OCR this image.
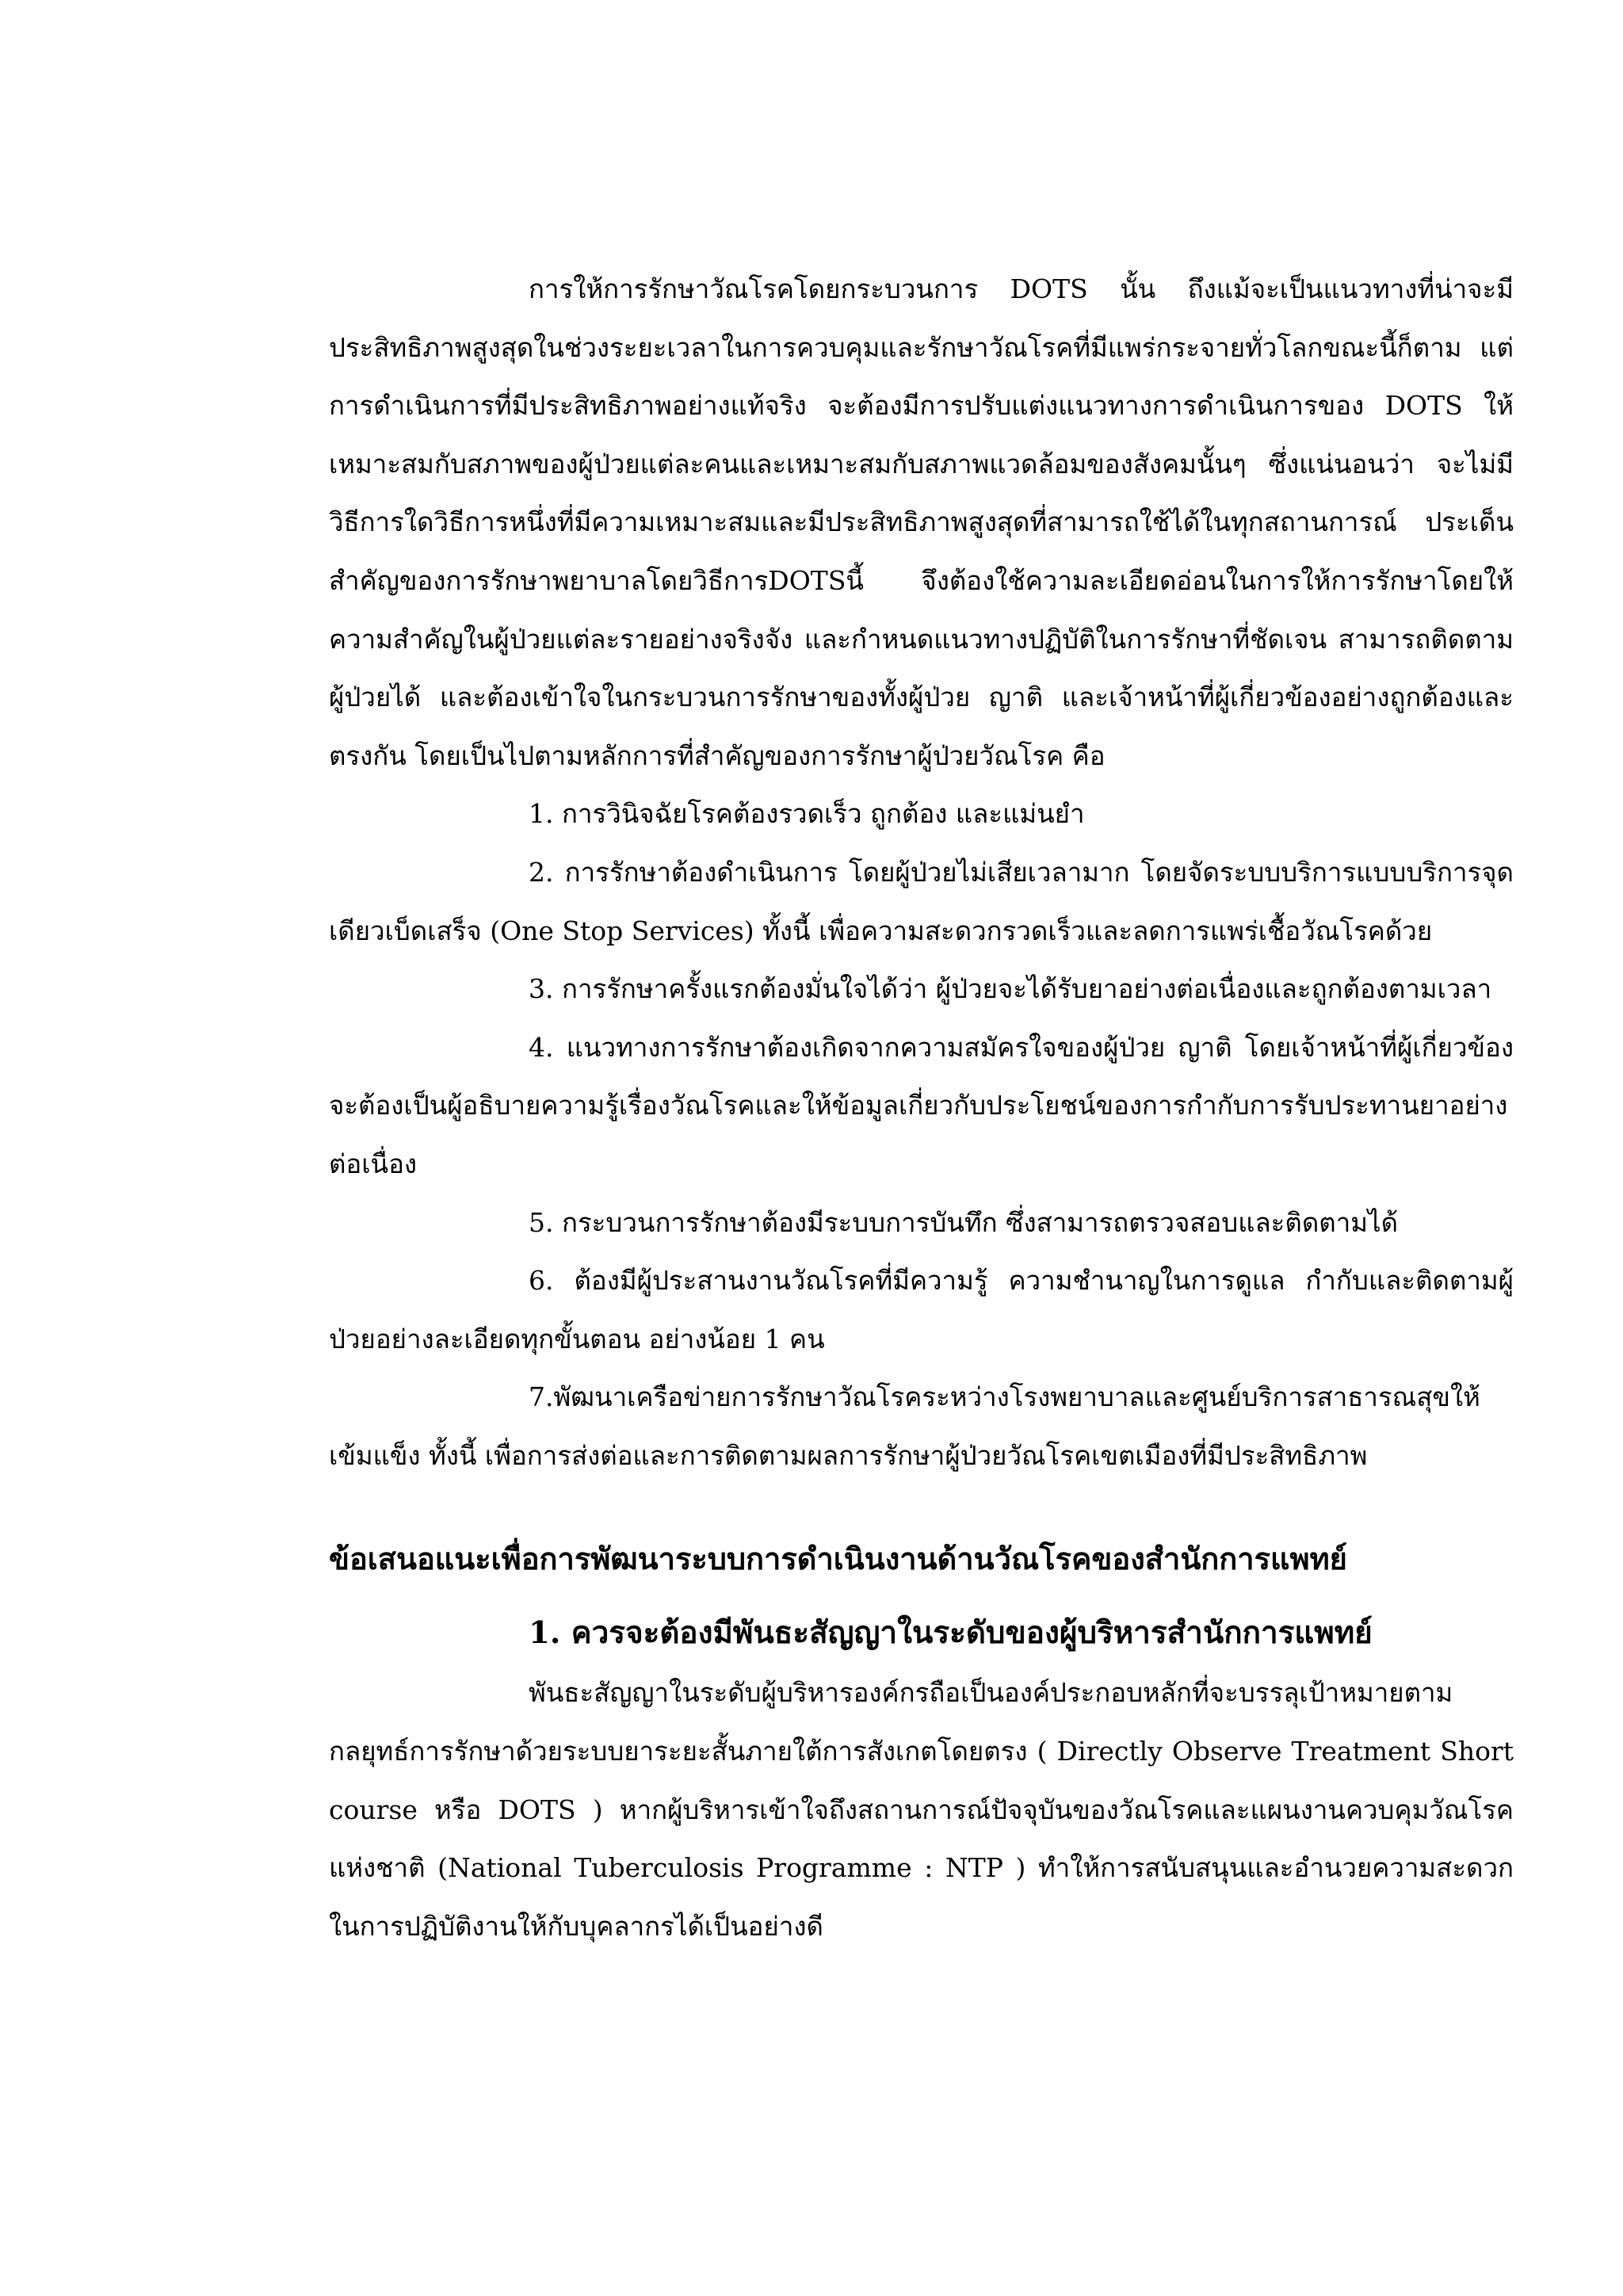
การให้การรักษาวัณโรคโดยกระบวนการ DOTS นั้น ถึงแม้จะเป็นแนวทางที่น่าจะมีประสิทธิภาพสูงสุดในช่วงระยะเวลาในการควบคุมและรักษาวัณโรคที่มีแพร่กระจายทั่วโลกขณะนี้ก็ตาม แต่การดำเนินการที่มีประสิทธิภาพอย่างแท้จริง จะต้องมีการปรับแต่งแนวทางการดำเนินการของ DOTS ให้เหมาะสมกับสภาพของผู้ป่วยแต่ละคนและเหมาะสมกับสภาพแวดล้อมของสังคมนั้นๆ ซึ่งแน่นอนว่า จะไม่มีวิธีการใดวิธีการหนึ่งที่มีความเหมาะสมและมีประสิทธิภาพสูงสุดที่สามารถใช้ได้ในทุกสถานการณ์ ประเด็นสำคัญของการรักษาพยาบาลโดยวิธีการDOTSนี้ จึงต้องใช้ความละเอียดอ่อนในการให้การรักษาโดยให้ความสำคัญในผู้ป่วยแต่ละรายอย่างจริงจัง และกำหนดแนวทางปฏิบัติในการรักษาที่ชัดเจน สามารถติดตามผู้ป่วยได้ และต้องเข้าใจในกระบวนการรักษาของทั้งผู้ป่วย ญาติ และเจ้าหน้าที่ผู้เกี่ยวข้องอย่างถูกต้องและตรงกัน โดยเป็นไปตามหลักการที่สำคัญของการรักษาผู้ป่วยวัณโรค คือ

1. การวินิจฉัยโรคต้องรวดเร็ว ถูกต้อง และแม่นยำ

2. การรักษาต้องดำเนินการ โดยผู้ป่วยไม่เสียเวลามาก โดยจัดระบบบริการแบบบริการจุดเดียวเบ็ดเสร็จ (One Stop Services) ทั้งนี้ เพื่อความสะดวกรวดเร็วและลดการแพร่เชื้อวัณโรคด้วย

3. การรักษาครั้งแรกต้องมั่นใจได้ว่า ผู้ป่วยจะได้รับยาอย่างต่อเนื่องและถูกต้องตามเวลา

4. แนวทางการรักษาต้องเกิดจากความสมัครใจของผู้ป่วย ญาติ โดยเจ้าหน้าที่ผู้เกี่ยวข้องจะต้องเป็นผู้อธิบายความรู้เรื่องวัณโรคและให้ข้อมูลเกี่ยวกับประโยชน์ของการกำกับการรับประทานยาอย่างต่อเนื่อง

5. กระบวนการรักษาต้องมีระบบการบันทึก ซึ่งสามารถตรวจสอบและติดตามได้

6. ต้องมีผู้ประสานงานวัณโรคที่มีความรู้ ความชำนาญในการดูแล กำกับและติดตามผู้ป่วยอย่างละเอียดทุกขั้นตอน อย่างน้อย 1 คน

7.พัฒนาเครือข่ายการรักษาวัณโรคระหว่างโรงพยาบาลและศูนย์บริการสาธารณสุขให้เข้มแข็ง ทั้งนี้ เพื่อการส่งต่อและการติดตามผลการรักษาผู้ป่วยวัณโรคเขตเมืองที่มีประสิทธิภาพ

ข้อเสนอแนะเพื่อการพัฒนาระบบการดำเนินงานด้านวัณโรคของสำนักการแพทย์
1. ควรจะต้องมีพันธะสัญญาในระดับของผู้บริหารสำนักการแพทย์

พันธะสัญญาในระดับผู้บริหารองค์กรถือเป็นองค์ประกอบหลักที่จะบรรลุเป้าหมายตามกลยุทธ์การรักษาด้วยระบบยาระยะสั้นภายใต้การสังเกตโดยตรง ( Directly Observe Treatment Short course หรือ DOTS ) หากผู้บริหารเข้าใจถึงสถานการณ์ปัจจุบันของวัณโรคและแผนงานควบคุมวัณโรคแห่งชาติ (National Tuberculosis Programme : NTP ) ทำให้การสนับสนุนและอำนวยความสะดวกในการปฏิบัติงานให้กับบุคลากรได้เป็นอย่างดี
